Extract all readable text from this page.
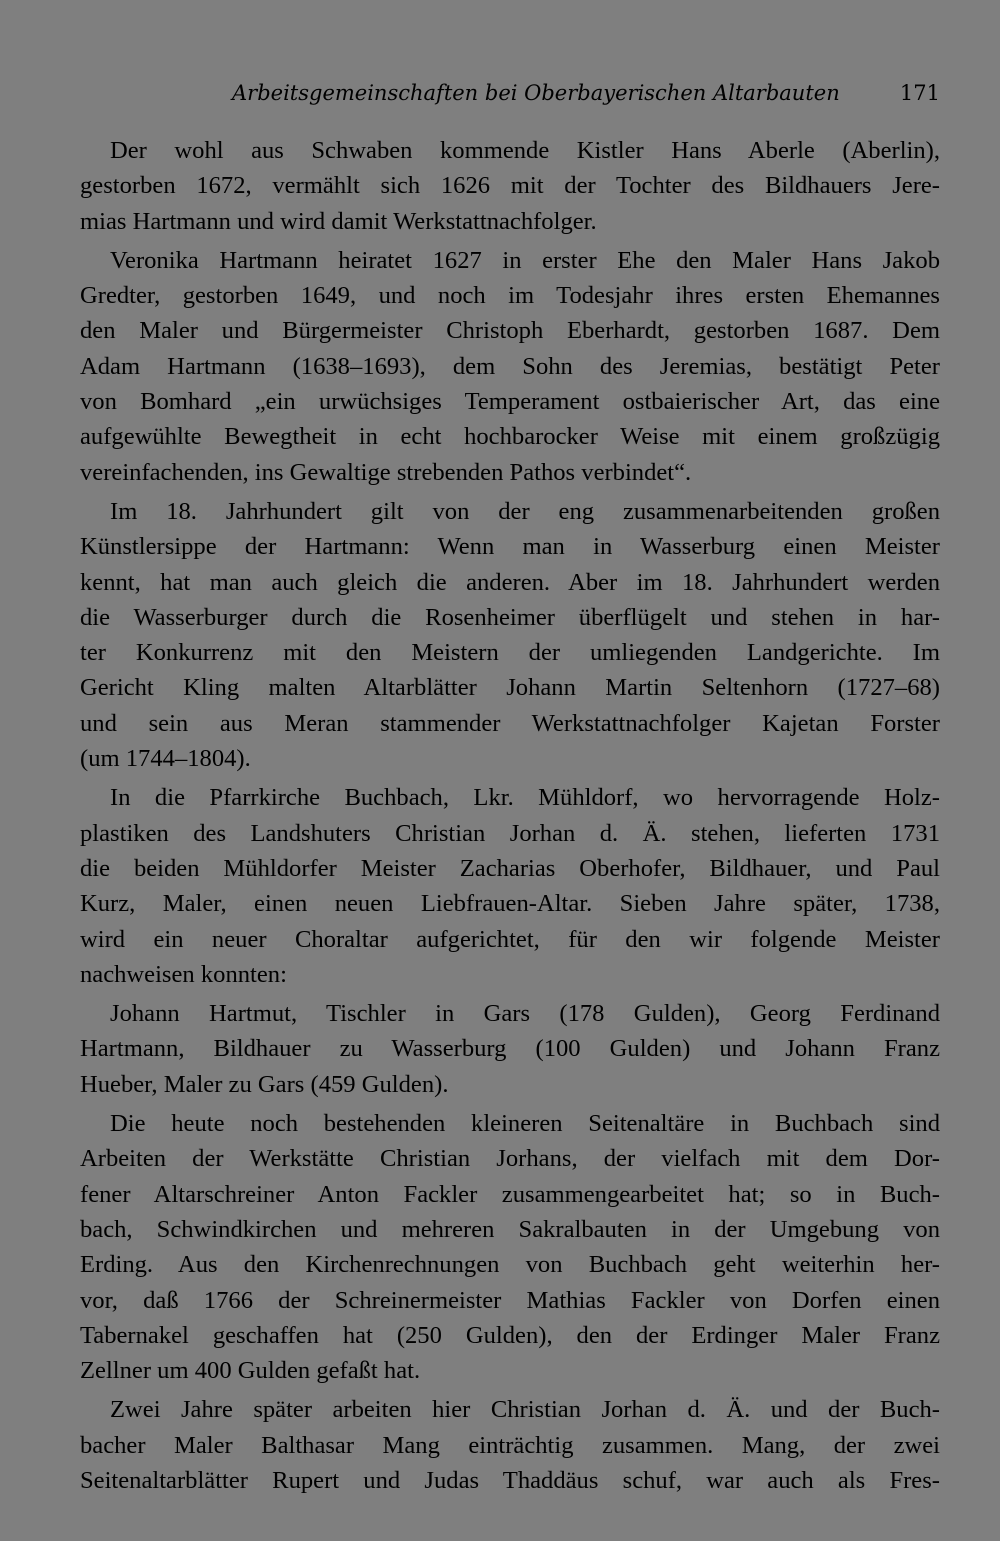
Arbeitsgemeinschaften bei Oberbayerischen Altarbauten	171
Der wohl aus Schwaben kommende Kistler Hans Aberle (Aberlin),
gestorben 1672, vermählt sich 1626 mit der Tochter des Bildhauers Jere-
mias Hartmann und wird damit Werkstattnachfolger.
Veronika Hartmann heiratet 1627 in erster Ehe den Maler Hans Jakob
Gredter, gestorben 1649, und noch im Todesjahr ihres ersten Ehemannes
den Maler und Bürgermeister Christoph Eberhardt, gestorben 1687. Dem
Adam Hartmann (1638–1693), dem Sohn des Jeremias, bestätigt Peter
von Bomhard „ein urwüchsiges Temperament ostbaierischer Art, das eine
aufgewühlte Bewegtheit in echt hochbarocker Weise mit einem großzügig
vereinfachenden, ins Gewaltige strebenden Pathos verbindet“.
Im 18. Jahrhundert gilt von der eng zusammenarbeitenden großen
Künstlersippe der Hartmann: Wenn man in Wasserburg einen Meister
kennt, hat man auch gleich die anderen. Aber im 18. Jahrhundert werden
die Wasserburger durch die Rosenheimer überflügelt und stehen in har-
ter Konkurrenz mit den Meistern der umliegenden Landgerichte. Im
Gericht Kling malten Altarblätter Johann Martin Seltenhorn (1727–68)
und sein aus Meran stammender Werkstattnachfolger Kajetan Forster
(um 1744–1804).
In die Pfarrkirche Buchbach, Lkr. Mühldorf, wo hervorragende Holz-
plastiken des Landshuters Christian Jorhan d. Ä. stehen, lieferten 1731
die beiden Mühldorfer Meister Zacharias Oberhofer, Bildhauer, und Paul
Kurz, Maler, einen neuen Liebfrauen-Altar. Sieben Jahre später, 1738,
wird ein neuer Choraltar aufgerichtet, für den wir folgende Meister
nachweisen konnten:
Johann Hartmut, Tischler in Gars (178 Gulden), Georg Ferdinand
Hartmann, Bildhauer zu Wasserburg (100 Gulden) und Johann Franz
Hueber, Maler zu Gars (459 Gulden).
Die heute noch bestehenden kleineren Seitenaltäre in Buchbach sind
Arbeiten der Werkstätte Christian Jorhans, der vielfach mit dem Dor-
fener Altarschreiner Anton Fackler zusammengearbeitet hat; so in Buch-
bach, Schwindkirchen und mehreren Sakralbauten in der Umgebung von
Erding. Aus den Kirchenrechnungen von Buchbach geht weiterhin her-
vor, daß 1766 der Schreinermeister Mathias Fackler von Dorfen einen
Tabernakel geschaffen hat (250 Gulden), den der Erdinger Maler Franz
Zellner um 400 Gulden gefaßt hat.
Zwei Jahre später arbeiten hier Christian Jorhan d. Ä. und der Buch-
bacher Maler Balthasar Mang einträchtig zusammen. Mang, der zwei
Seitenaltarblätter Rupert und Judas Thaddäus schuf, war auch als Fres-
